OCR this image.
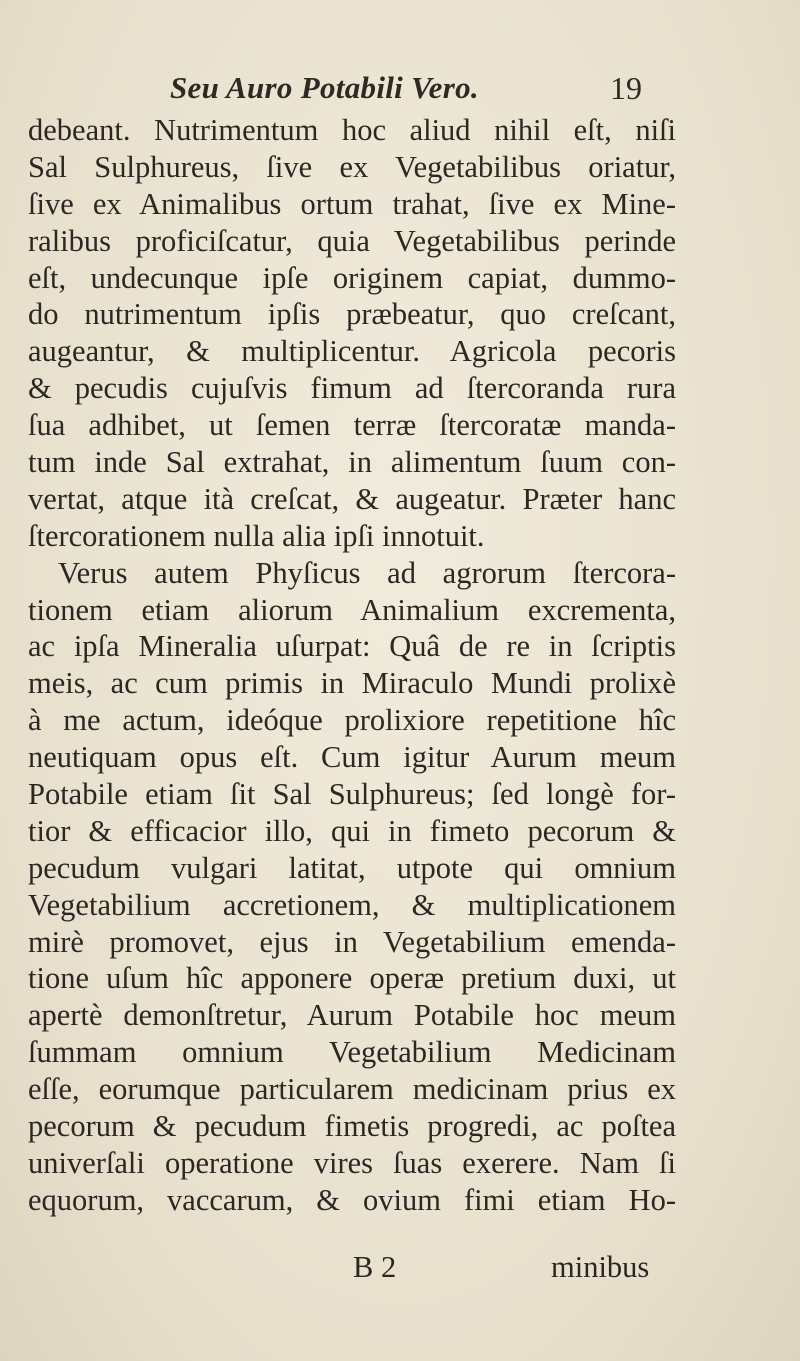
Seu Auro Potabili Vero.	19
debeant. Nutrimentum hoc aliud nihil eſt, niſi
Sal Sulphureus, ſive ex Vegetabilibus oriatur,
ſive ex Animalibus ortum trahat, ſive ex Mine-
ralibus proficiſcatur, quia Vegetabilibus perinde
eſt, undecunque ipſe originem capiat, dummo-
do nutrimentum ipſis præbeatur, quo creſcant,
augeantur, & multiplicentur. Agricola pecoris
& pecudis cujuſvis fimum ad ſtercoranda rura
ſua adhibet, ut ſemen terræ ſtercoratæ manda-
tum inde Sal extrahat, in alimentum ſuum con-
vertat, atque ità creſcat, & augeatur. Præter hanc
ſtercorationem nulla alia ipſi innotuit.
Verus autem Phyſicus ad agrorum ſtercora-
tionem etiam aliorum Animalium excrementa,
ac ipſa Mineralia uſurpat: Quâ de re in ſcriptis
meis, ac cum primis in Miraculo Mundi prolixè
à me actum, ideóque prolixiore repetitione hîc
neutiquam opus eſt. Cum igitur Aurum meum
Potabile etiam ſit Sal Sulphureus; ſed longè for-
tior & efficacior illo, qui in fimeto pecorum &
pecudum vulgari latitat, utpote qui omnium
Vegetabilium accretionem, & multiplicationem
mirè promovet, ejus in Vegetabilium emenda-
tione uſum hîc apponere operæ pretium duxi, ut
apertè demonſtretur, Aurum Potabile hoc meum
ſummam omnium Vegetabilium Medicinam
eſſe, eorumque particularem medicinam prius ex
pecorum & pecudum fimetis progredi, ac poſtea
univerſali operatione vires ſuas exerere. Nam ſi
equorum, vaccarum, & ovium fimi etiam Ho-
B 2	minibus
